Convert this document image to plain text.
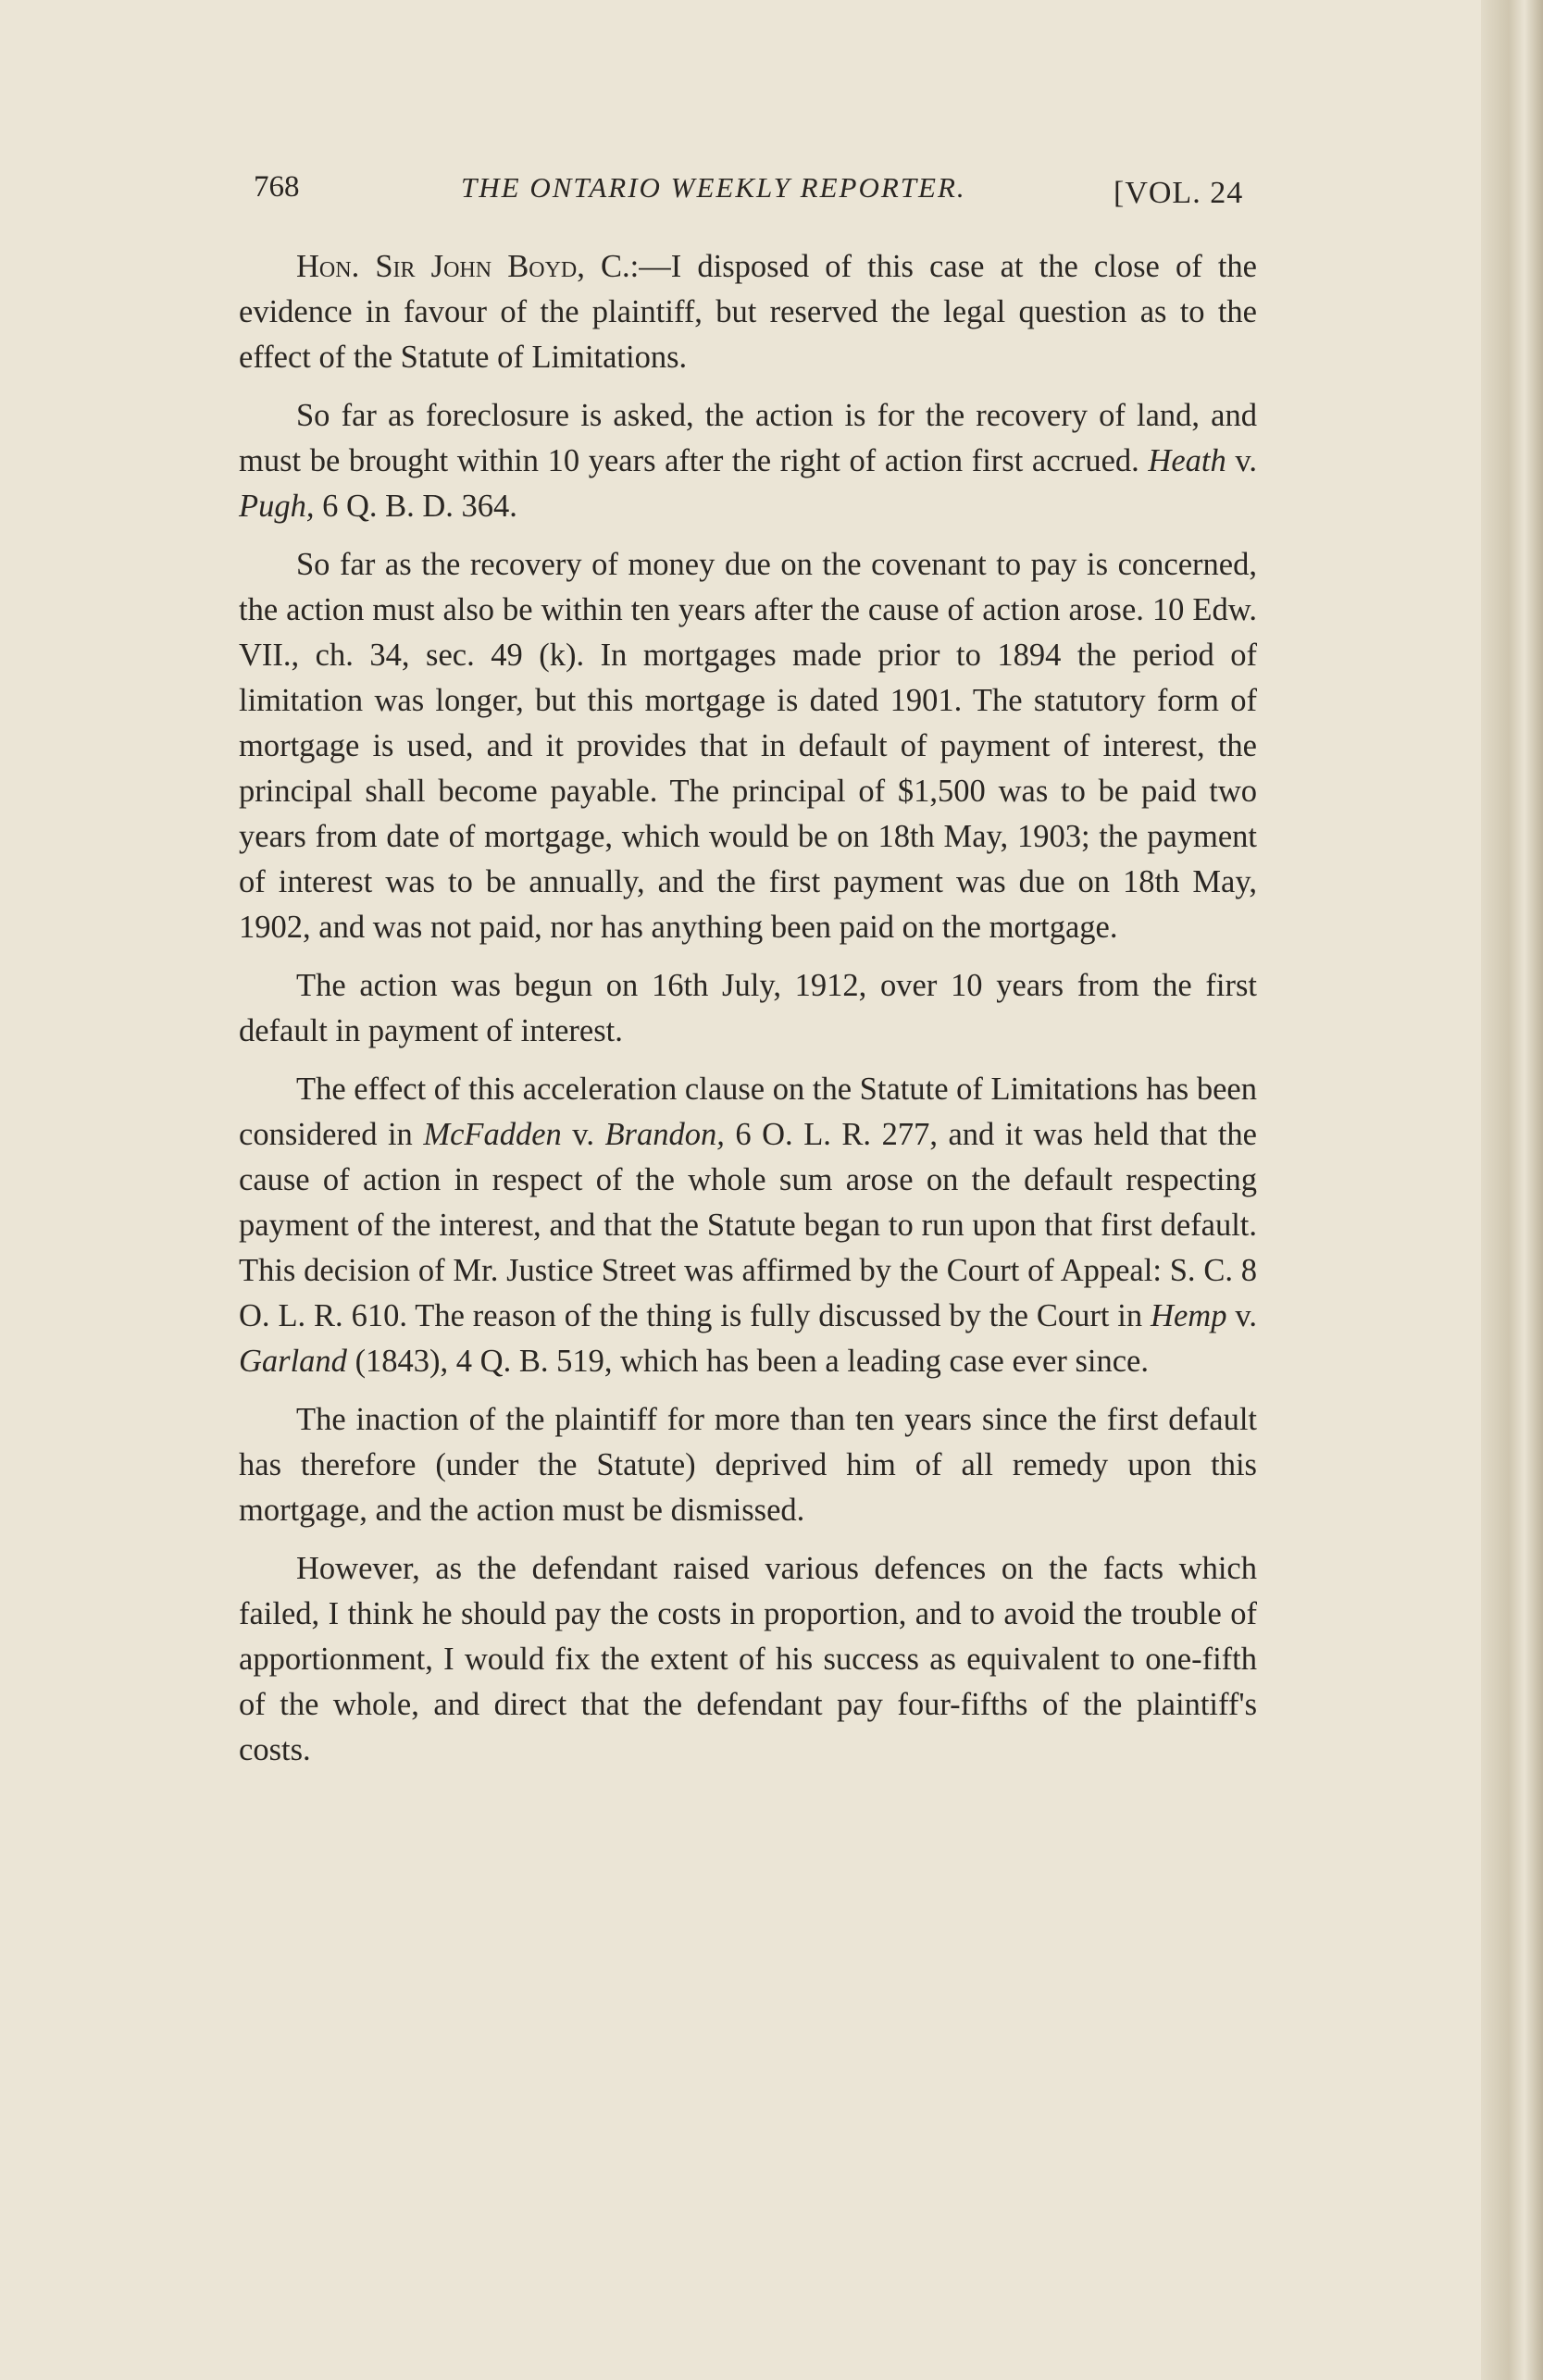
768	THE ONTARIO WEEKLY REPORTER.	[VOL. 24

Hon. Sir John Boyd, C.:—I disposed of this case at the close of the evidence in favour of the plaintiff, but reserved the legal question as to the effect of the Statute of Limitations.

So far as foreclosure is asked, the action is for the recovery of land, and must be brought within 10 years after the right of action first accrued. Heath v. Pugh, 6 Q. B. D. 364.

So far as the recovery of money due on the covenant to pay is concerned, the action must also be within ten years after the cause of action arose. 10 Edw. VII., ch. 34, sec. 49 (k). In mortgages made prior to 1894 the period of limitation was longer, but this mortgage is dated 1901. The statutory form of mortgage is used, and it provides that in default of payment of interest, the principal shall become payable. The principal of $1,500 was to be paid two years from date of mortgage, which would be on 18th May, 1903; the payment of interest was to be annually, and the first payment was due on 18th May, 1902, and was not paid, nor has anything been paid on the mortgage.

The action was begun on 16th July, 1912, over 10 years from the first default in payment of interest.

The effect of this acceleration clause on the Statute of Limitations has been considered in McFadden v. Brandon, 6 O. L. R. 277, and it was held that the cause of action in respect of the whole sum arose on the default respecting payment of the interest, and that the Statute began to run upon that first default. This decision of Mr. Justice Street was affirmed by the Court of Appeal: S. C. 8 O. L. R. 610. The reason of the thing is fully discussed by the Court in Hemp v. Garland (1843), 4 Q. B. 519, which has been a leading case ever since.

The inaction of the plaintiff for more than ten years since the first default has therefore (under the Statute) deprived him of all remedy upon this mortgage, and the action must be dismissed.

However, as the defendant raised various defences on the facts which failed, I think he should pay the costs in proportion, and to avoid the trouble of apportionment, I would fix the extent of his success as equivalent to one-fifth of the whole, and direct that the defendant pay four-fifths of the plaintiff's costs.
